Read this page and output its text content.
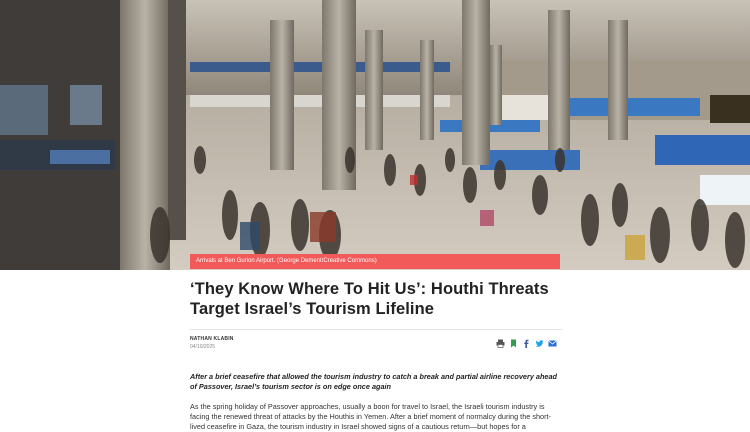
Arrivals at Ben Gurion Airport. (George Dement/Creative Commons)
‘They Know Where To Hit Us’: Houthi Threats Target Israel’s Tourism Lifeline
NATHAN KLABIN
04/10/2025

After a brief ceasefire that allowed the tourism industry to catch a break and partial airline recovery ahead of Passover, Israel’s tourism sector is on edge once again

As the spring holiday of Passover approaches, usually a boon for travel to Israel, the Israeli tourism industry is facing the renewed threat of attacks by the Houthis in Yemen. After a brief moment of normalcy during the short-lived ceasefire in Gaza, the tourism industry in Israel showed signs of a cautious return—but hopes for a
